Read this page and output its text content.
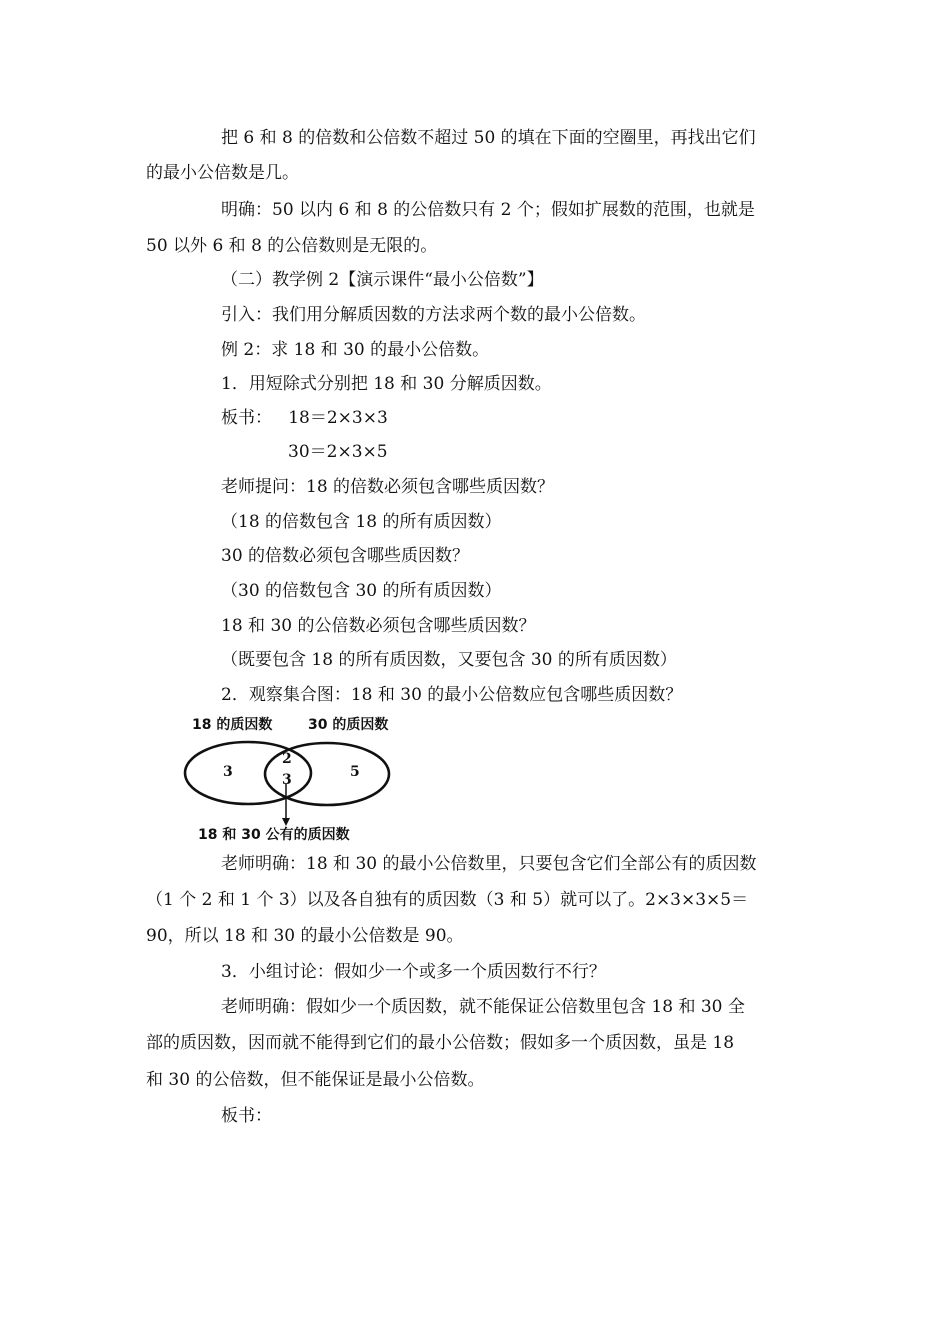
把 6 和 8 的倍数和公倍数不超过 50 的填在下面的空圈里，再找出它们
的最小公倍数是几。
明确：50 以内 6 和 8 的公倍数只有 2 个；假如扩展数的范围，也就是
50 以外 6 和 8 的公倍数则是无限的。
（二）教学例 2【演示课件“最小公倍数”】
引入：我们用分解质因数的方法求两个数的最小公倍数。
例 2：求 18 和 30 的最小公倍数。
1．用短除式分别把 18 和 30 分解质因数。
板书：   18＝2×3×3
30＝2×3×5
老师提问：18 的倍数必须包含哪些质因数？
（18 的倍数包含 18 的所有质因数）
30 的倍数必须包含哪些质因数？
（30 的倍数包含 30 的所有质因数）
18 和 30 的公倍数必须包含哪些质因数？
（既要包含 18 的所有质因数，又要包含 30 的所有质因数）
2．观察集合图：18 和 30 的最小公倍数应包含哪些质因数？
18 的质因数	30 的质因数
3
2
3	5
18 和 30 公有的质因数
老师明确：18 和 30 的最小公倍数里，只要包含它们全部公有的质因数
（1 个 2 和 1 个 3）以及各自独有的质因数（3 和 5）就可以了。2×3×3×5＝
90，所以 18 和 30 的最小公倍数是 90。
3．小组讨论：假如少一个或多一个质因数行不行？
老师明确：假如少一个质因数，就不能保证公倍数里包含 18 和 30 全
部的质因数，因而就不能得到它们的最小公倍数；假如多一个质因数，虽是 18
和 30 的公倍数，但不能保证是最小公倍数。
板书：
